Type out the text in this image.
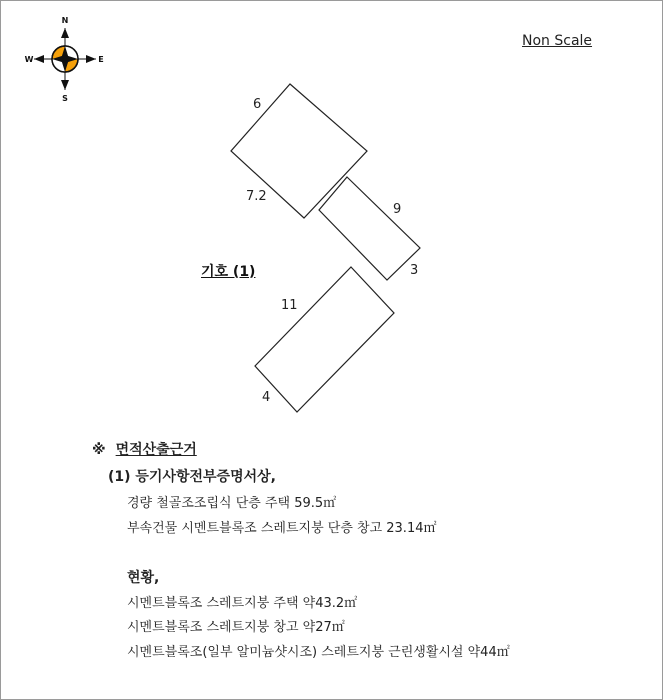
N
S
W	E
6
7.2
9
3
11
4
Non Scale
기호 (1)
※ 면적산출근거
(1) 등기사항전부증명서상,
경량 철골조조립식 단층 주택 59.5㎡
부속건물 시멘트블록조 스레트지붕 단층 창고 23.14㎡
현황,
시멘트블록조 스레트지붕 주택 약43.2㎡
시멘트블록조 스레트지붕 창고 약27㎡
시멘트블록조(일부 알미늄샷시조) 스레트지붕 근린생활시설 약44㎡
